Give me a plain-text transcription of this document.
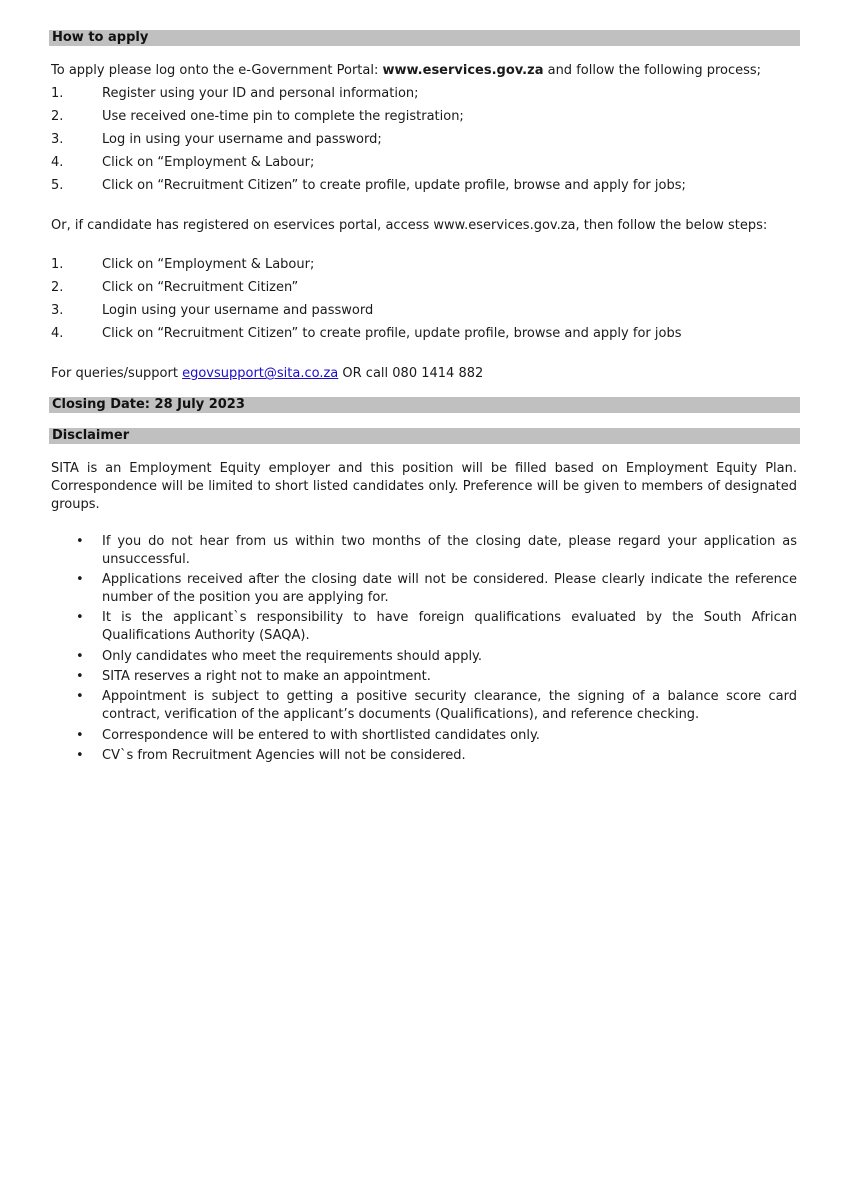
How to apply
To apply please log onto the e-Government Portal: www.eservices.gov.za and follow the following process;
1.	Register using your ID and personal information;
2.	Use received one-time pin to complete the registration;
3.	Log in using your username and password;
4.	Click on “Employment & Labour;
5.	Click on “Recruitment Citizen” to create profile, update profile, browse and apply for jobs;
Or, if candidate has registered on eservices portal, access www.eservices.gov.za, then follow the below steps:
1.	Click on “Employment & Labour;
2.	Click on “Recruitment Citizen”
3.	Login using your username and password
4.	Click on “Recruitment Citizen” to create profile, update profile, browse and apply for jobs
For queries/support egovsupport@sita.co.za OR call 080 1414 882
Closing Date: 28 July 2023
Disclaimer
SITA is an Employment Equity employer and this position will be filled based on Employment Equity Plan. Correspondence will be limited to short listed candidates only. Preference will be given to members of designated groups.
• If you do not hear from us within two months of the closing date, please regard your application as unsuccessful.
• Applications received after the closing date will not be considered. Please clearly indicate the reference number of the position you are applying for.
• It is the applicant`s responsibility to have foreign qualifications evaluated by the South African Qualifications Authority (SAQA).
• Only candidates who meet the requirements should apply.
• SITA reserves a right not to make an appointment.
• Appointment is subject to getting a positive security clearance, the signing of a balance score card contract, verification of the applicant’s documents (Qualifications), and reference checking.
• Correspondence will be entered to with shortlisted candidates only.
• CV`s from Recruitment Agencies will not be considered.
